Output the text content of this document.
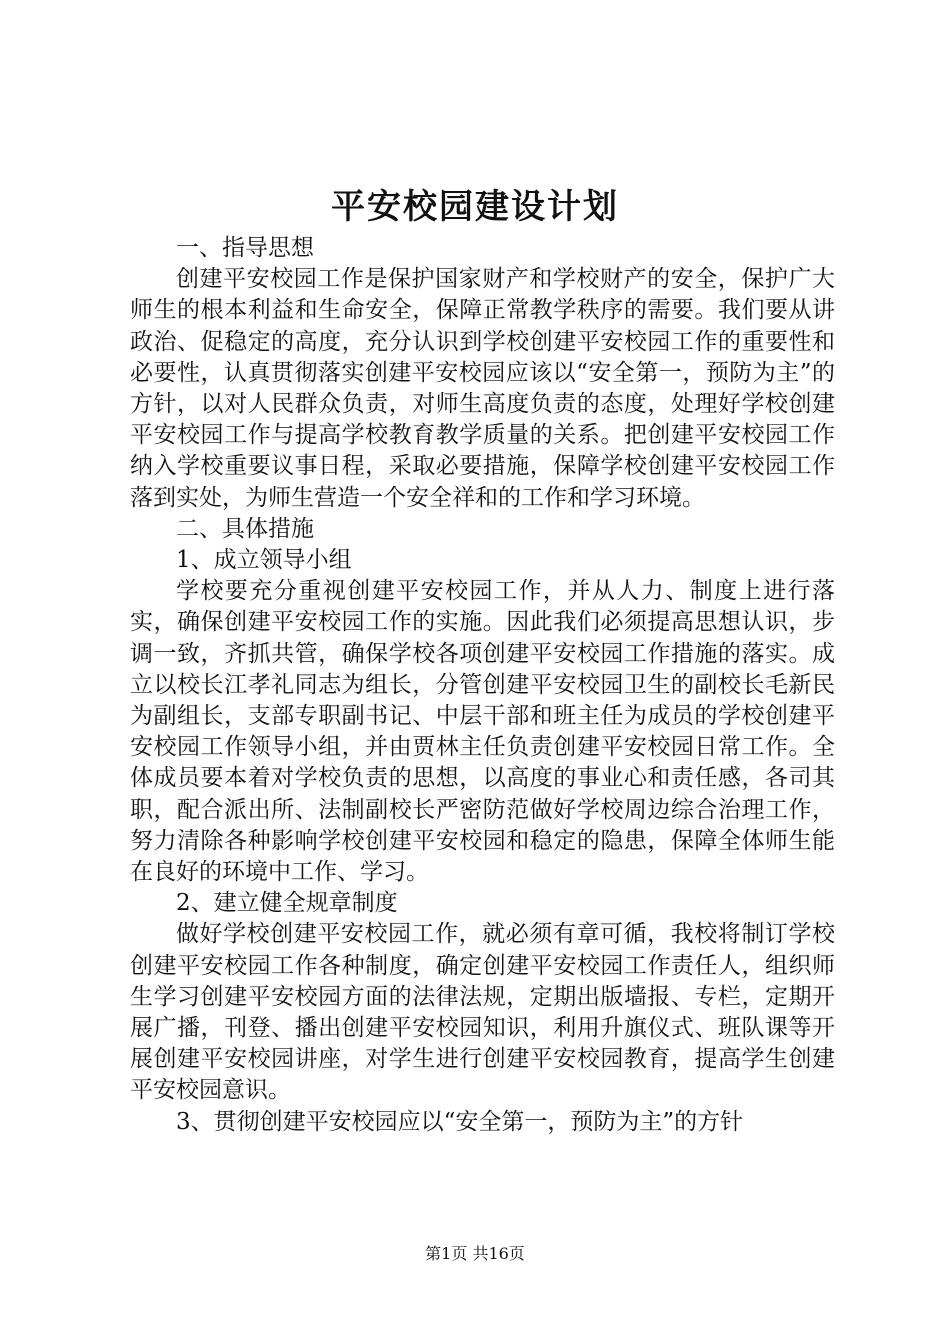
平安校园建设计划

一、指导思想

创建平安校园工作是保护国家财产和学校财产的安全，保护广大师生的根本利益和生命安全，保障正常教学秩序的需要。我们要从讲政治、促稳定的高度，充分认识到学校创建平安校园工作的重要性和必要性，认真贯彻落实创建平安校园应该以“安全第一，预防为主”的方针，以对人民群众负责，对师生高度负责的态度，处理好学校创建平安校园工作与提高学校教育教学质量的关系。把创建平安校园工作纳入学校重要议事日程，采取必要措施，保障学校创建平安校园工作落到实处，为师生营造一个安全祥和的工作和学习环境。

二、具体措施

1、成立领导小组

学校要充分重视创建平安校园工作，并从人力、制度上进行落实，确保创建平安校园工作的实施。因此我们必须提高思想认识，步调一致，齐抓共管，确保学校各项创建平安校园工作措施的落实。成立以校长江孝礼同志为组长，分管创建平安校园卫生的副校长毛新民为副组长，支部专职副书记、中层干部和班主任为成员的学校创建平安校园工作领导小组，并由贾林主任负责创建平安校园日常工作。全体成员要本着对学校负责的思想，以高度的事业心和责任感，各司其职，配合派出所、法制副校长严密防范做好学校周边综合治理工作，努力清除各种影响学校创建平安校园和稳定的隐患，保障全体师生能在良好的环境中工作、学习。

2、建立健全规章制度

做好学校创建平安校园工作，就必须有章可循，我校将制订学校创建平安校园工作各种制度，确定创建平安校园工作责任人，组织师生学习创建平安校园方面的法律法规，定期出版墙报、专栏，定期开展广播，刊登、播出创建平安校园知识，利用升旗仪式、班队课等开展创建平安校园讲座，对学生进行创建平安校园教育，提高学生创建平安校园意识。

3、贯彻创建平安校园应以“安全第一，预防为主”的方针

第1页 共16页
